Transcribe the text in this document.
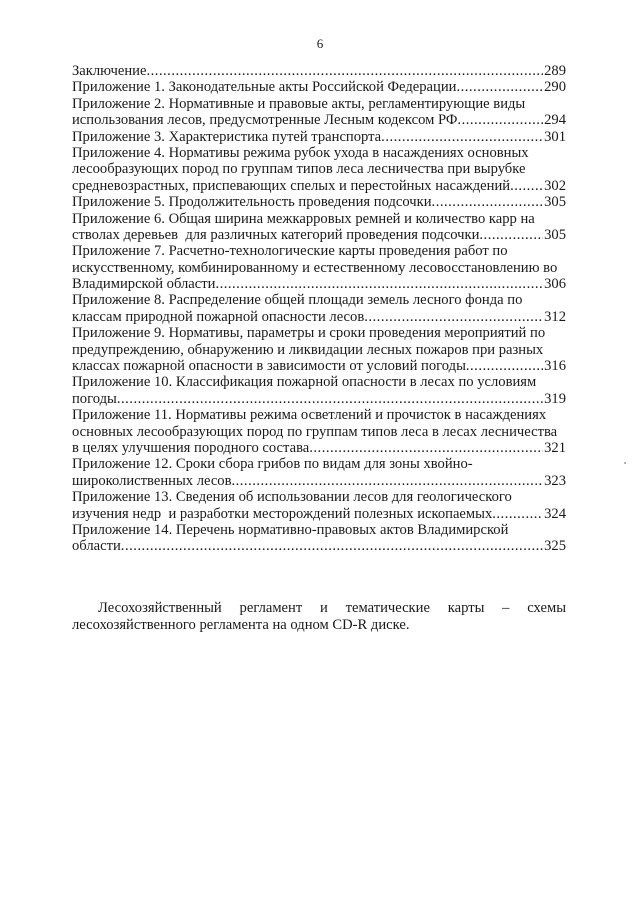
6
Заключение .....	289
Приложение 1. Законодательные акты Российской Федерации .....	290
Приложение 2. Нормативные и правовые акты, регламентирующие виды
использования лесов, предусмотренные Лесным кодексом РФ .....	294
Приложение 3. Характеристика путей транспорта .....	301
Приложение 4. Нормативы режима рубок ухода в насаждениях основных
лесообразующих пород по группам типов леса лесничества при вырубке
средневозрастных, приспевающих спелых и перестойных насаждений ..... 302
Приложение 5. Продолжительность проведения подсочки .....	305
Приложение 6. Общая ширина межкарровых ремней и количество карр на
стволах деревьев  для различных категорий проведения подсочки .....	305
Приложение 7. Расчетно-технологические карты проведения работ по
искусственному, комбинированному и естественному лесовосстановлению во
Владимирской области .....	306
Приложение 8. Распределение общей площади земель лесного фонда по
классам природной пожарной опасности лесов .....	312
Приложение 9. Нормативы, параметры и сроки проведения мероприятий по
предупреждению, обнаружению и ликвидации лесных пожаров при разных
классах пожарной опасности в зависимости от условий погоды .....	316
Приложение 10. Классификация пожарной опасности в лесах по условиям
погоды .....	319
Приложение 11. Нормативы режима осветлений и прочисток в насаждениях
основных лесообразующих пород по группам типов леса в лесах лесничества
в целях улучшения породного состава .....	321
Приложение 12. Сроки сбора грибов по видам для зоны хвойно-
широколиственных лесов .....	323
Приложение 13. Сведения об использовании лесов для геологического
изучения недр  и разработки месторождений полезных ископаемых .....	324
Приложение 14. Перечень нормативно-правовых актов Владимирской
области .....	325
Лесохозяйственный регламент и тематические карты – схемы
лесохозяйственного регламента на одном CD-R диске.
